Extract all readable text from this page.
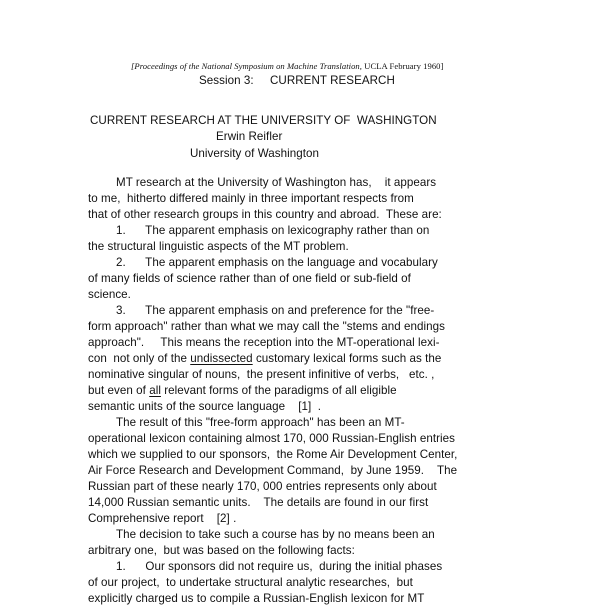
[Proceedings of the National Symposium on Machine Translation, UCLA February 1960]
Session 3:     CURRENT RESEARCH
CURRENT RESEARCH AT THE UNIVERSITY OF  WASHINGTON
Erwin Reifler
University of Washington
MT research at the University of Washington has,    it appears
to me,  hitherto differed mainly in three important respects from
that of other research groups in this country and abroad.  These are:
1.      The apparent emphasis on lexicography rather than on
the structural linguistic aspects of the MT problem.
2.      The apparent emphasis on the language and vocabulary
of many fields of science rather than of one field or sub-field of
science.
3.      The apparent emphasis on and preference for the "free-
form approach" rather than what we may call the "stems and endings
approach".     This means the reception into the MT-operational lexi-
con  not only of the undissected customary lexical forms such as the
nominative singular of nouns,  the present infinitive of verbs,   etc. ,
but even of all relevant forms of the paradigms of all eligible
semantic units of the source language    [1]  .
The result of this "free-form approach" has been an MT-
operational lexicon containing almost 170, 000 Russian-English entries
which we supplied to our sponsors,  the Rome Air Development Center,
Air Force Research and Development Command,  by June 1959.    The
Russian part of these nearly 170, 000 entries represents only about
14,000 Russian semantic units.    The details are found in our first
Comprehensive report    [2] .
The decision to take such a course has by no means been an
arbitrary one,  but was based on the following facts:
1.      Our sponsors did not require us,  during the initial phases
of our project,  to undertake structural analytic researches,  but
explicitly charged us to compile a Russian-English lexicon for MT
